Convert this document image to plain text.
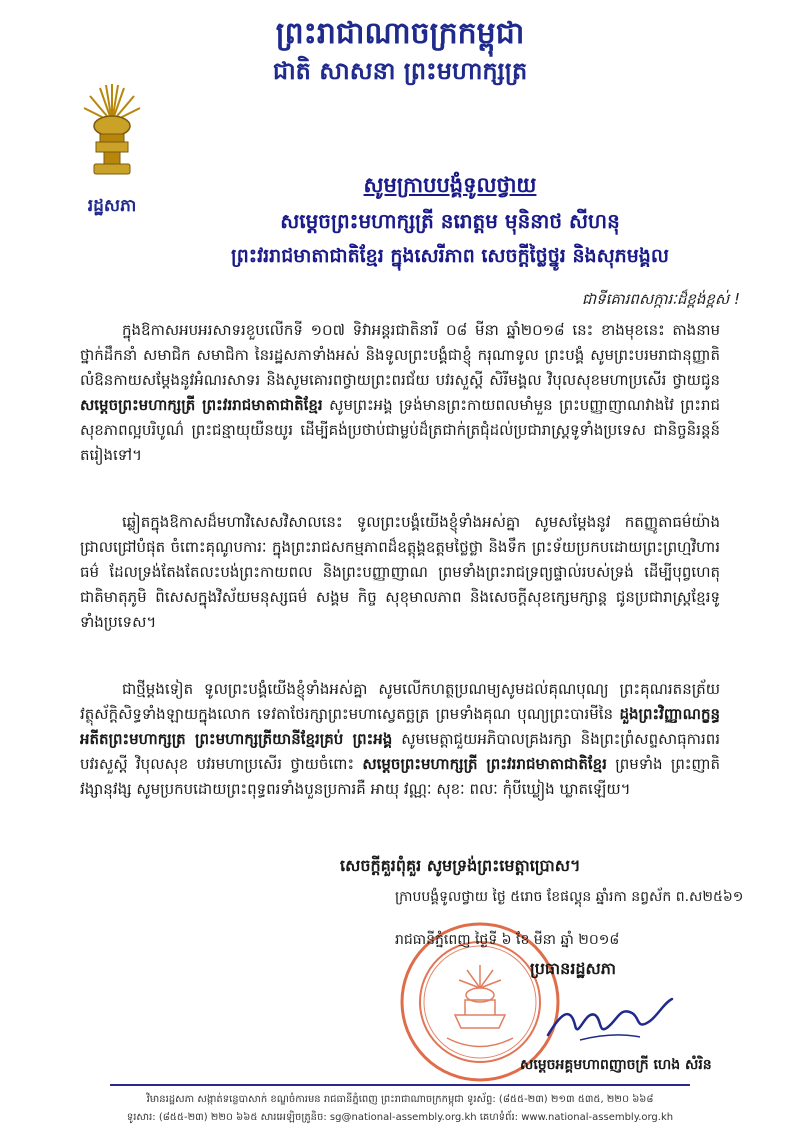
ព្រះរាជាណាចក្រកម្ពុជា
ជាតិ សាសនា ព្រះមហាក្សត្រ
រដ្ឋសភា
សូមក្រាបបង្គំទូលថ្វាយ
សម្តេចព្រះមហាក្សត្រី នរោត្តម មុនិនាថ សីហនុ
ព្រះវររាជមាតាជាតិខ្មែរ ក្នុងសេរីភាព សេចក្តីថ្លៃថ្នូរ និងសុភមង្គល
ជាទីគោរពសក្ការៈដ៏ខ្ពង់ខ្ពស់ !
ក្នុងឱកាសអបអរសាទរខួបលើកទី ១០៧ ទិវាអន្តរជាតិនារី ០៨ មីនា ឆ្នាំ២០១៨ នេះ ខាងមុខនេះ តាងនាមថ្នាក់ដឹកនាំ សមាជិក សមាជិកា នៃរដ្ឋសភាទាំងអស់ និងទូលព្រះបង្គំជាខ្ញុំ ករុណាទូល ព្រះបង្គំ សូមព្រះបរមរាជានុញ្ញាតិលំឱនកាយសម្តែងនូវអំណរសាទរ និងសូមគោរពថ្វាយព្រះពរជ័យ បវរសួស្តី សិរីមង្គល វិបុលសុខមហាប្រសើរ ថ្វាយជូន សម្តេចព្រះមហាក្សត្រី ព្រះវររាជមាតាជាតិខ្មែរ សូមព្រះអង្គ ទ្រង់មានព្រះកាយពលមាំមួន ព្រះបញ្ញាញាណវាងវៃ ព្រះរាជសុខភាពល្អបរិបូណ៌ ព្រះជន្មាយុយឺនយូរ ដើម្បីគង់ប្រថាប់ជាម្លប់ដ៏ត្រជាក់ត្រជុំដល់ប្រជារាស្ត្រទូទាំងប្រទេស ជានិច្ចនិរន្តន៍ តរៀងទៅ។
ឆ្លៀតក្នុងឱកាសដ៏មហាវិសេសវិសាលនេះ ទូលព្រះបង្គំយើងខ្ញុំទាំងអស់គ្នា សូមសម្តែងនូវ កតញ្ញូតាធម៌យ៉ាងជ្រាលជ្រៅបំផុត ចំពោះគុណូបការៈ ក្នុងព្រះរាជសកម្មភាពដ៏ឧត្តុង្គឧត្តមថ្លៃថ្លា និងទឹក ព្រះទ័យប្រកបដោយព្រះព្រហ្មវិហារធម៌ ដែលទ្រង់តែងតែលះបង់ព្រះកាយពល និងព្រះបញ្ញាញាណ ព្រមទាំងព្រះរាជទ្រព្យផ្ទាល់របស់ទ្រង់ ដើម្បីបុព្វហេតុជាតិមាតុភូមិ ពិសេសក្នុងវិស័យមនុស្សធម៌ សង្គម កិច្ច សុខុមាលភាព និងសេចក្តីសុខក្សេមក្សាន្ត ជូនប្រជារាស្ត្រខ្មែរទូទាំងប្រទេស។
ជាថ្មីម្តងទៀត ទូលព្រះបង្គំយើងខ្ញុំទាំងអស់គ្នា សូមលើកហត្ថប្រណម្យសូមដល់គុណបុណ្យ ព្រះគុណរតនត្រ័យ វត្ថុស័ក្តិសិទ្ធទាំងឡាយក្នុងលោក ទេវតាថែរក្សាព្រះមហាស្វេតច្ឆត្រ ព្រមទាំងគុណ បុណ្យព្រះបារមីនៃ ដួងព្រះវិញ្ញាណក្ខន្ធ អតីតព្រះមហាក្សត្រ ព្រះមហាក្សត្រីយានីខ្មែរគ្រប់ ព្រះអង្គ សូមមេត្តាជួយអភិបាលគ្រងរក្សា និងព្រះព្រំសព្ទសាធុការពរ បវរសួស្តី វិបុលសុខ បវរមហាប្រសើរ ថ្វាយចំពោះ សម្តេចព្រះមហាក្សត្រី ព្រះវររាជមាតាជាតិខ្មែរ ព្រមទាំង ព្រះញាតិវង្សានុវង្ស សូមប្រកបដោយព្រះពុទ្ធពរទាំងបួនប្រការគឺ អាយុ វណ្ណៈ សុខៈ ពលៈ កុំបីឃ្លៀង ឃ្លាតឡើយ។
សេចក្តីគួរពុំគួរ សូមទ្រង់ព្រះមេត្តាប្រោស។
ក្រាបបង្គំទូលថ្វាយ ថ្ងៃ ៥រោច ខែផល្គុន ឆ្នាំរកា នព្វស័ក ព.ស២៥៦១
រាជធានីភ្នំពេញ ថ្ងៃទី ៦ ខែ មីនា ឆ្នាំ ២០១៨
ប្រធានរដ្ឋសភា
សម្តេចអគ្គមហាពញាចក្រី ហេង សំរិន
វិមានរដ្ឋសភា សង្កាត់ទន្លេបាសាក់ ខណ្ឌចំការមន រាជធានីភ្នំពេញ ព្រះរាជាណាចក្រកម្ពុជា ទូរស័ព្ទ: (៨៥៥-២៣) ២១៣ ៥៣៥, ២២០ ៦៦៨
ទូរសារ: (៨៥៥-២៣) ២២០ ៦៦៥ សារអេឡិចត្រូនិច: sg@national-assembly.org.kh គេហទំព័រ: www.national-assembly.org.kh
